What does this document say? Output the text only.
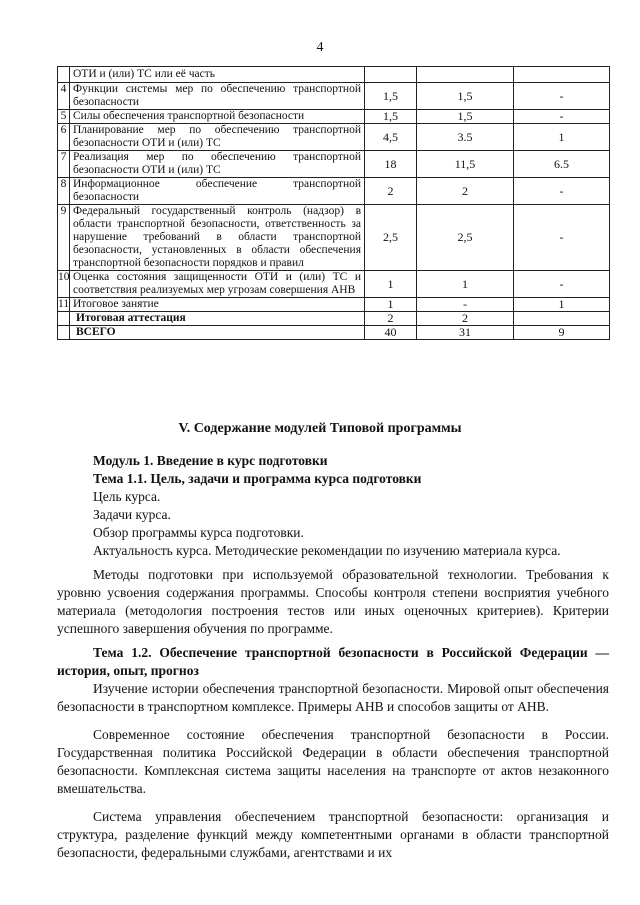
4
	ОТИ и (или) ТС или её часть			
4	Функции системы мер по обеспечению транспортной безопасности	1,5	1,5	-
5	Силы обеспечения транспортной безопасности	1,5	1,5	-
6	Планирование мер по обеспечению транспортной безопасности ОТИ и (или) ТС	4,5	3.5	1
7	Реализация мер по обеспечению транспортной безопасности ОТИ и (или) ТС	18	11,5	6.5
8	Информационное обеспечение транспортной безопасности	2	2	-
9	Федеральный государственный контроль (надзор) в области транспортной безопасности, ответственность за нарушение требований в области транспортной безопасности, установленных в области обеспечения транспортной безопасности порядков и правил	2,5	2,5	-
10	Оценка состояния защищенности ОТИ и (или) ТС и соответствия реализуемых мер угрозам совершения АНВ	1	1	-
11	Итоговое занятие	1	-	1
	Итоговая аттестация	2	2	
	ВСЕГО	40	31	9
V. Содержание модулей Типовой программы

Модуль 1. Введение в курс подготовки

Тема 1.1. Цель, задачи и программа курса подготовки

Цель курса.

Задачи курса.

Обзор программы курса подготовки.

Актуальность курса. Методические рекомендации по изучению материала курса.

Методы подготовки при используемой образовательной технологии. Требования к уровню усвоения содержания программы. Способы контроля степени восприятия учебного материала (методология построения тестов или иных оценочных критериев). Критерии успешного завершения обучения по программе.

Тема 1.2. Обеспечение транспортной безопасности в Российской Федерации — история, опыт, прогноз

Изучение истории обеспечения транспортной безопасности. Мировой опыт обеспечения безопасности в транспортном комплексе. Примеры АНВ и способов защиты от АНВ.

Современное состояние обеспечения транспортной безопасности в России. Государственная политика Российской Федерации в области обеспечения транспортной безопасности. Комплексная система защиты населения на транспорте от актов незаконного вмешательства.

Система управления обеспечением транспортной безопасности: организация и структура, разделение функций между компетентными органами в области транспортной безопасности, федеральными службами, агентствами и их
